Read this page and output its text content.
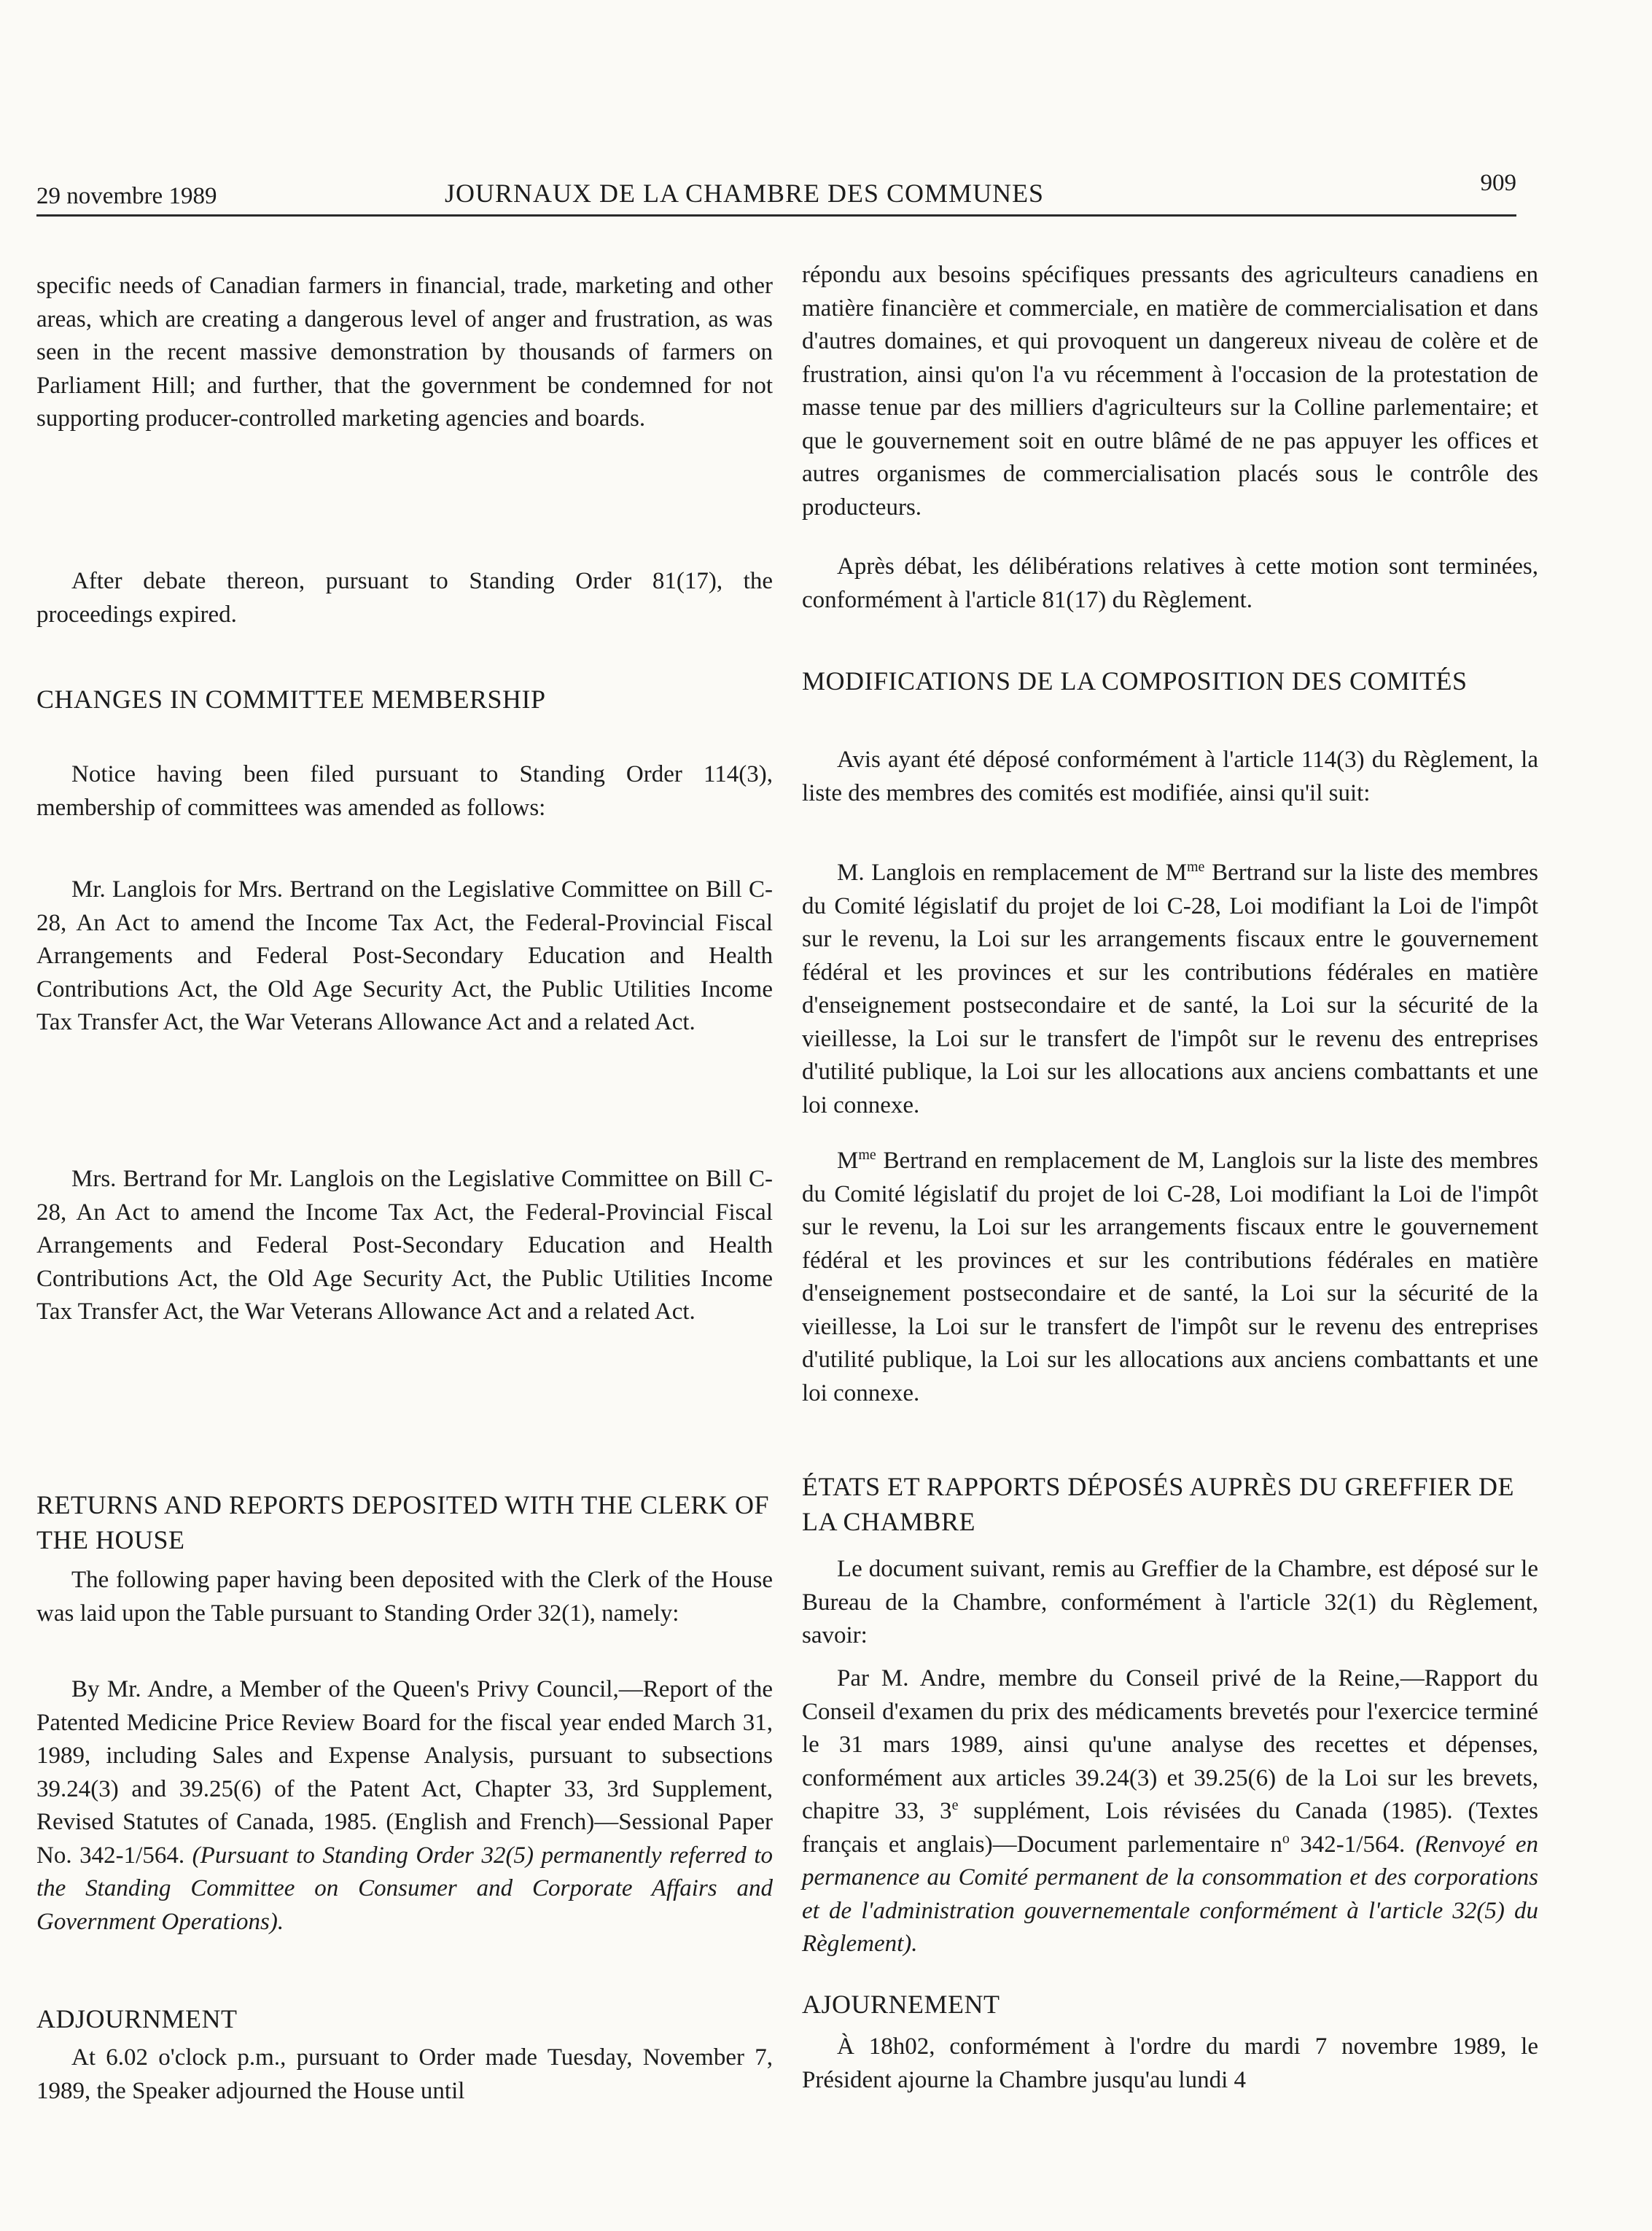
29 novembre 1989	JOURNAUX DE LA CHAMBRE DES COMMUNES	909

specific needs of Canadian farmers in financial, trade, marketing and other areas, which are creating a dangerous level of anger and frustration, as was seen in the recent massive demonstration by thousands of farmers on Parliament Hill; and further, that the government be condemned for not supporting producer-controlled marketing agencies and boards.

After debate thereon, pursuant to Standing Order 81(17), the proceedings expired.

CHANGES IN COMMITTEE MEMBERSHIP

Notice having been filed pursuant to Standing Order 114(3), membership of committees was amended as follows:

Mr. Langlois for Mrs. Bertrand on the Legislative Committee on Bill C-28, An Act to amend the Income Tax Act, the Federal-Provincial Fiscal Arrangements and Federal Post-Secondary Education and Health Contributions Act, the Old Age Security Act, the Public Utilities Income Tax Transfer Act, the War Veterans Allowance Act and a related Act.

Mrs. Bertrand for Mr. Langlois on the Legislative Committee on Bill C-28, An Act to amend the Income Tax Act, the Federal-Provincial Fiscal Arrangements and Federal Post-Secondary Education and Health Contributions Act, the Old Age Security Act, the Public Utilities Income Tax Transfer Act, the War Veterans Allowance Act and a related Act.

RETURNS AND REPORTS DEPOSITED WITH THE CLERK OF THE HOUSE

The following paper having been deposited with the Clerk of the House was laid upon the Table pursuant to Standing Order 32(1), namely:

By Mr. Andre, a Member of the Queen's Privy Council,—Report of the Patented Medicine Price Review Board for the fiscal year ended March 31, 1989, including Sales and Expense Analysis, pursuant to subsections 39.24(3) and 39.25(6) of the Patent Act, Chapter 33, 3rd Supplement, Revised Statutes of Canada, 1985. (English and French)—Sessional Paper No. 342-1/564. (Pursuant to Standing Order 32(5) permanently referred to the Standing Committee on Consumer and Corporate Affairs and Government Operations).

ADJOURNMENT

At 6.02 o'clock p.m., pursuant to Order made Tuesday, November 7, 1989, the Speaker adjourned the House until

répondu aux besoins spécifiques pressants des agriculteurs canadiens en matière financière et commerciale, en matière de commercialisation et dans d'autres domaines, et qui provoquent un dangereux niveau de colère et de frustration, ainsi qu'on l'a vu récemment à l'occasion de la protestation de masse tenue par des milliers d'agriculteurs sur la Colline parlementaire; et que le gouvernement soit en outre blâmé de ne pas appuyer les offices et autres organismes de commercialisation placés sous le contrôle des producteurs.

Après débat, les délibérations relatives à cette motion sont terminées, conformément à l'article 81(17) du Règlement.

MODIFICATIONS DE LA COMPOSITION DES COMITÉS

Avis ayant été déposé conformément à l'article 114(3) du Règlement, la liste des membres des comités est modifiée, ainsi qu'il suit:

M. Langlois en remplacement de $M^{me}$ Bertrand sur la liste des membres du Comité législatif du projet de loi C-28, Loi modifiant la Loi de l'impôt sur le revenu, la Loi sur les arrangements fiscaux entre le gouvernement fédéral et les provinces et sur les contributions fédérales en matière d'enseignement postsecondaire et de santé, la Loi sur la sécurité de la vieillesse, la Loi sur le transfert de l'impôt sur le revenu des entreprises d'utilité publique, la Loi sur les allocations aux anciens combattants et une loi connexe.

$M^{me}$ Bertrand en remplacement de M, Langlois sur la liste des membres du Comité législatif du projet de loi C-28, Loi modifiant la Loi de l'impôt sur le revenu, la Loi sur les arrangements fiscaux entre le gouvernement fédéral et les provinces et sur les contributions fédérales en matière d'enseignement postsecondaire et de santé, la Loi sur la sécurité de la vieillesse, la Loi sur le transfert de l'impôt sur le revenu des entreprises d'utilité publique, la Loi sur les allocations aux anciens combattants et une loi connexe.

ÉTATS ET RAPPORTS DÉPOSÉS AUPRÈS DU GREFFIER DE LA CHAMBRE

Le document suivant, remis au Greffier de la Chambre, est déposé sur le Bureau de la Chambre, conformément à l'article 32(1) du Règlement, savoir:

Par M. Andre, membre du Conseil privé de la Reine,—Rapport du Conseil d'examen du prix des médicaments brevetés pour l'exercice terminé le 31 mars 1989, ainsi qu'une analyse des recettes et dépenses, conformément aux articles 39.24(3) et 39.25(6) de la Loi sur les brevets, chapitre 33, 3e supplément, Lois révisées du Canada (1985). (Textes français et anglais)—Document parlementaire $n^o$ 342-1/564. (Renvoyé en permanence au Comité permanent de la consommation et des corporations et de l'administration gouvernementale conformément à l'article 32(5) du Règlement).

AJOURNEMENT

À 18h02, conformément à l'ordre du mardi 7 novembre 1989, le Président ajourne la Chambre jusqu'au lundi 4
